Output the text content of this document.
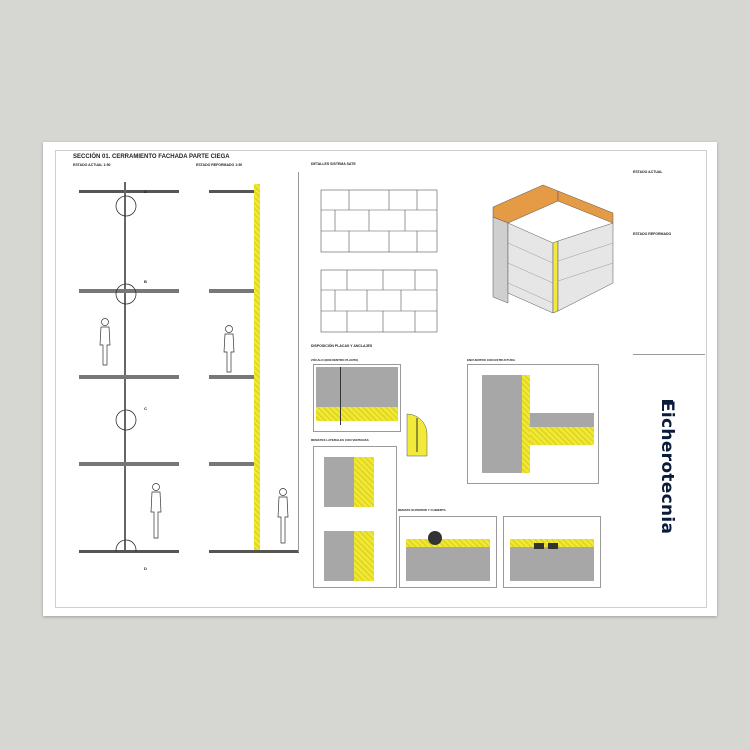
SECCIÓN 01. CERRAMIENTO FACHADA PARTE CIEGA
ESTADO ACTUAL 1:50	ESTADO REFORMADO 1:50
A
B
C
D
DETALLES SISTEMA SATE
DISPOSICIÓN PLACAS Y ANCLAJES
ZÓCALO (ENCUENTRO PLANTA)	ENCUENTRO CON ESTRUCTURA
REMATES LATERALES CON VENTANAS
REMATE SUPERIOR Y CUBIERTA
ESTADO ACTUAL
ESTADO REFORMADO
Ficherotecnia
